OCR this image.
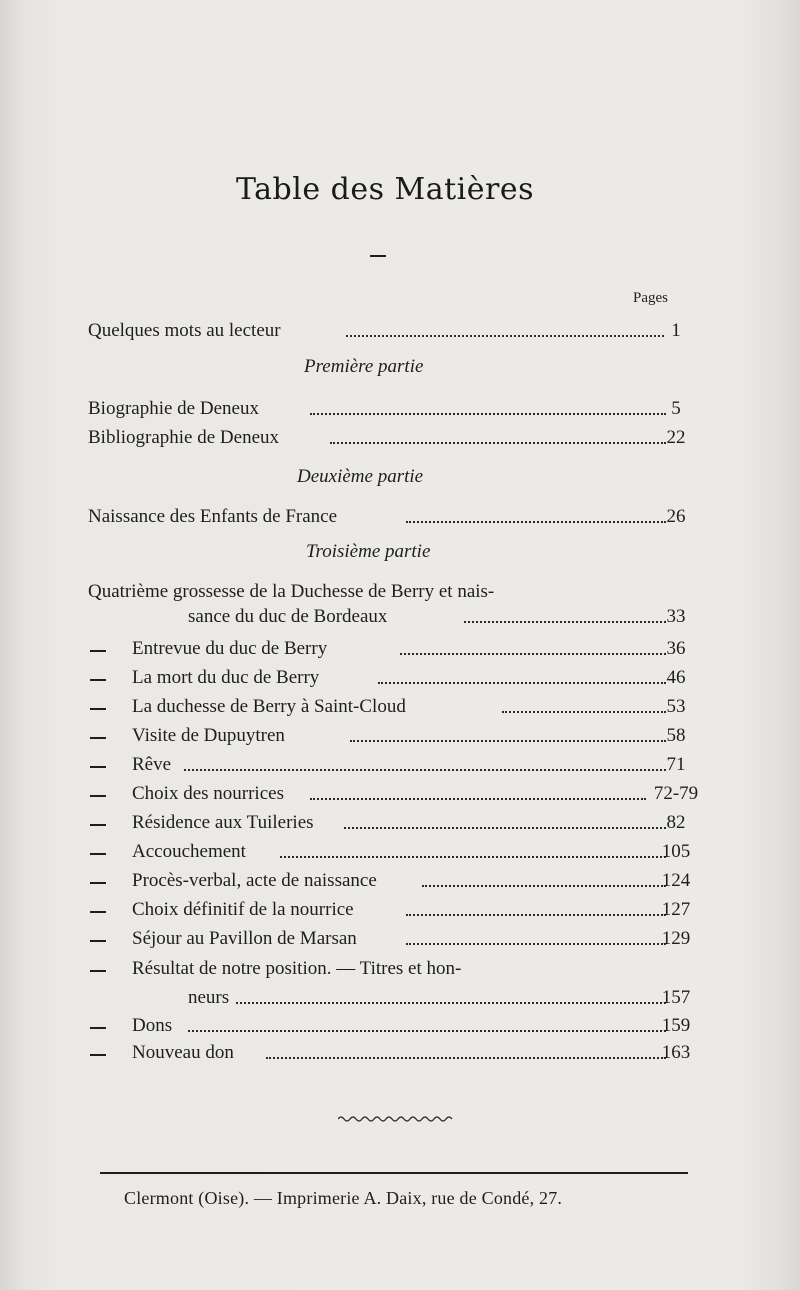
Table des Matières
Pages
Quelques mots au lecteur	1
Première partie
Biographie de Deneux	5
Bibliographie de Deneux	22
Deuxième partie
Naissance des Enfants de France	26
Troisième partie
Quatrième grossesse de la Duchesse de Berry et nais-
sance du duc de Bordeaux	33
Entrevue du duc de Berry	36
La mort du duc de Berry	46
La duchesse de Berry à Saint-Cloud	53
Visite de Dupuytren	58
Rêve	71
Choix des nourrices	72-79
Résidence aux Tuileries	82
Accouchement	105
Procès-verbal, acte de naissance	124
Choix définitif de la nourrice	127
Séjour au Pavillon de Marsan	129
Résultat de notre position. — Titres et hon-
neurs	157
Dons	159
Nouveau don	163
Clermont (Oise). — Imprimerie A. Daix, rue de Condé, 27.
